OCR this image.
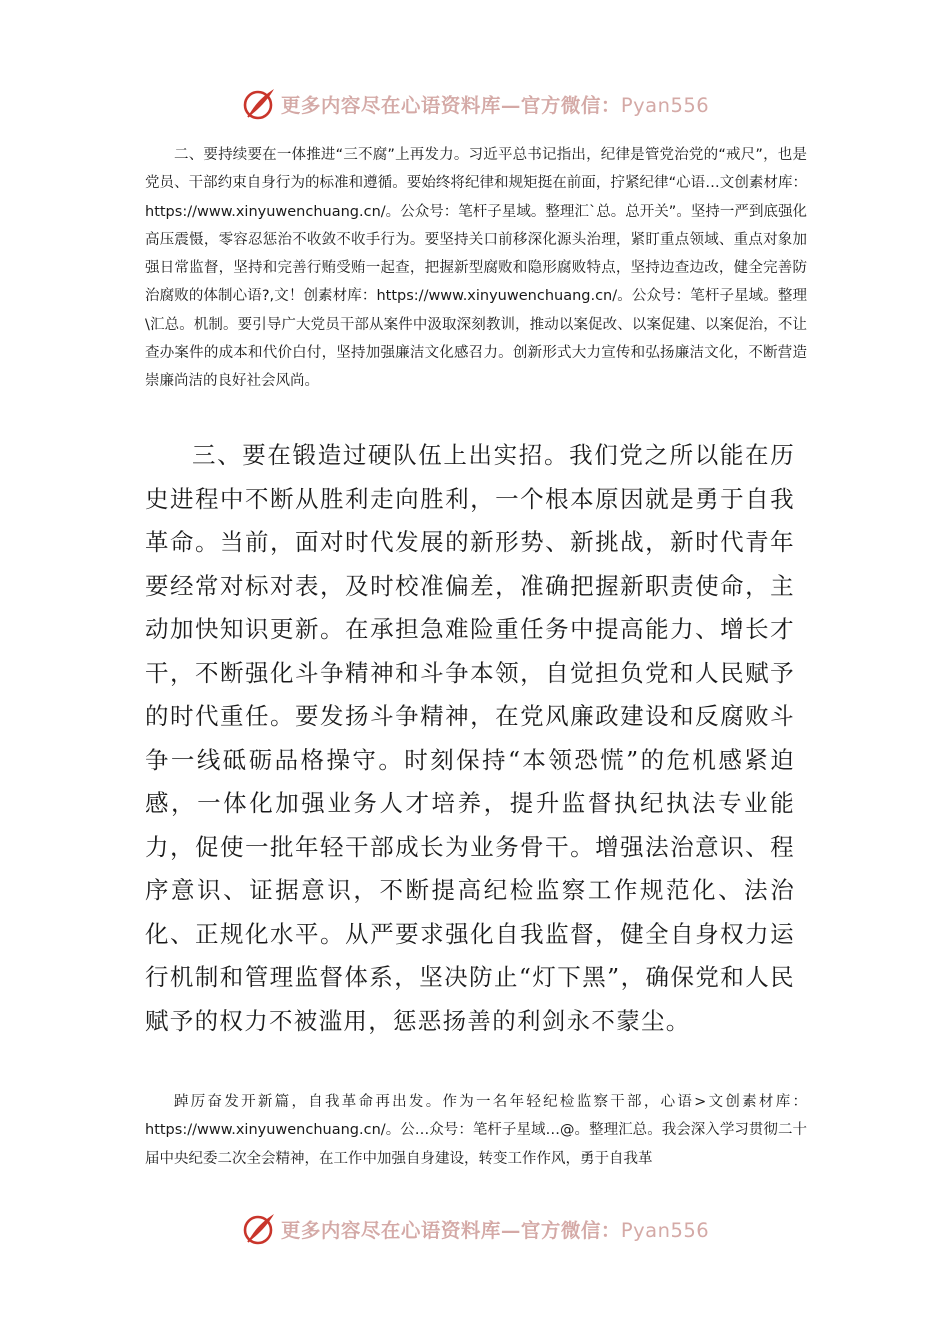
更多内容尽在心语资料库—官方微信：Pyan556

二、要持续要在一体推进“三不腐”上再发力。习近平总书记指出，纪律是管党治党的“戒尺”，也是党员、干部约束自身行为的标准和遵循。要始终将纪律和规矩挺在前面，拧紧纪律“心语…文创素材库：https://www.xinyuwenchuang.cn/。公众号：笔杆子星域。整理汇`总。总开关”。坚持一严到底强化高压震慑，零容忍惩治不收敛不收手行为。要坚持关口前移深化源头治理，紧盯重点领域、重点对象加强日常监督，坚持和完善行贿受贿一起查，把握新型腐败和隐形腐败特点，坚持边查边改，健全完善防治腐败的体制心语?,文！创素材库：https://www.xinyuwenchuang.cn/。公众号：笔杆子星域。整理\汇总。机制。要引导广大党员干部从案件中汲取深刻教训，推动以案促改、以案促建、以案促治，不让查办案件的成本和代价白付，坚持加强廉洁文化感召力。创新形式大力宣传和弘扬廉洁文化，不断营造崇廉尚洁的良好社会风尚。

三、要在锻造过硬队伍上出实招。我们党之所以能在历史进程中不断从胜利走向胜利，一个根本原因就是勇于自我革命。当前，面对时代发展的新形势、新挑战，新时代青年要经常对标对表，及时校准偏差，准确把握新职责使命，主动加快知识更新。在承担急难险重任务中提高能力、增长才干，不断强化斗争精神和斗争本领，自觉担负党和人民赋予的时代重任。要发扬斗争精神，在党风廉政建设和反腐败斗争一线砥砺品格操守。时刻保持“本领恐慌”的危机感紧迫感，一体化加强业务人才培养，提升监督执纪执法专业能力，促使一批年轻干部成长为业务骨干。增强法治意识、程序意识、证据意识，不断提高纪检监察工作规范化、法治化、正规化水平。从严要求强化自我监督，健全自身权力运行机制和管理监督体系，坚决防止“灯下黑”，确保党和人民赋予的权力不被滥用，惩恶扬善的利剑永不蒙尘。

踔厉奋发开新篇，自我革命再出发。作为一名年轻纪检监察干部，心语>文创素材库：https://www.xinyuwenchuang.cn/。公…众号：笔杆子星域…@。整理汇总。我会深入学习贯彻二十届中央纪委二次全会精神，在工作中加强自身建设，转变工作作风，勇于自我革

更多内容尽在心语资料库—官方微信：Pyan556
